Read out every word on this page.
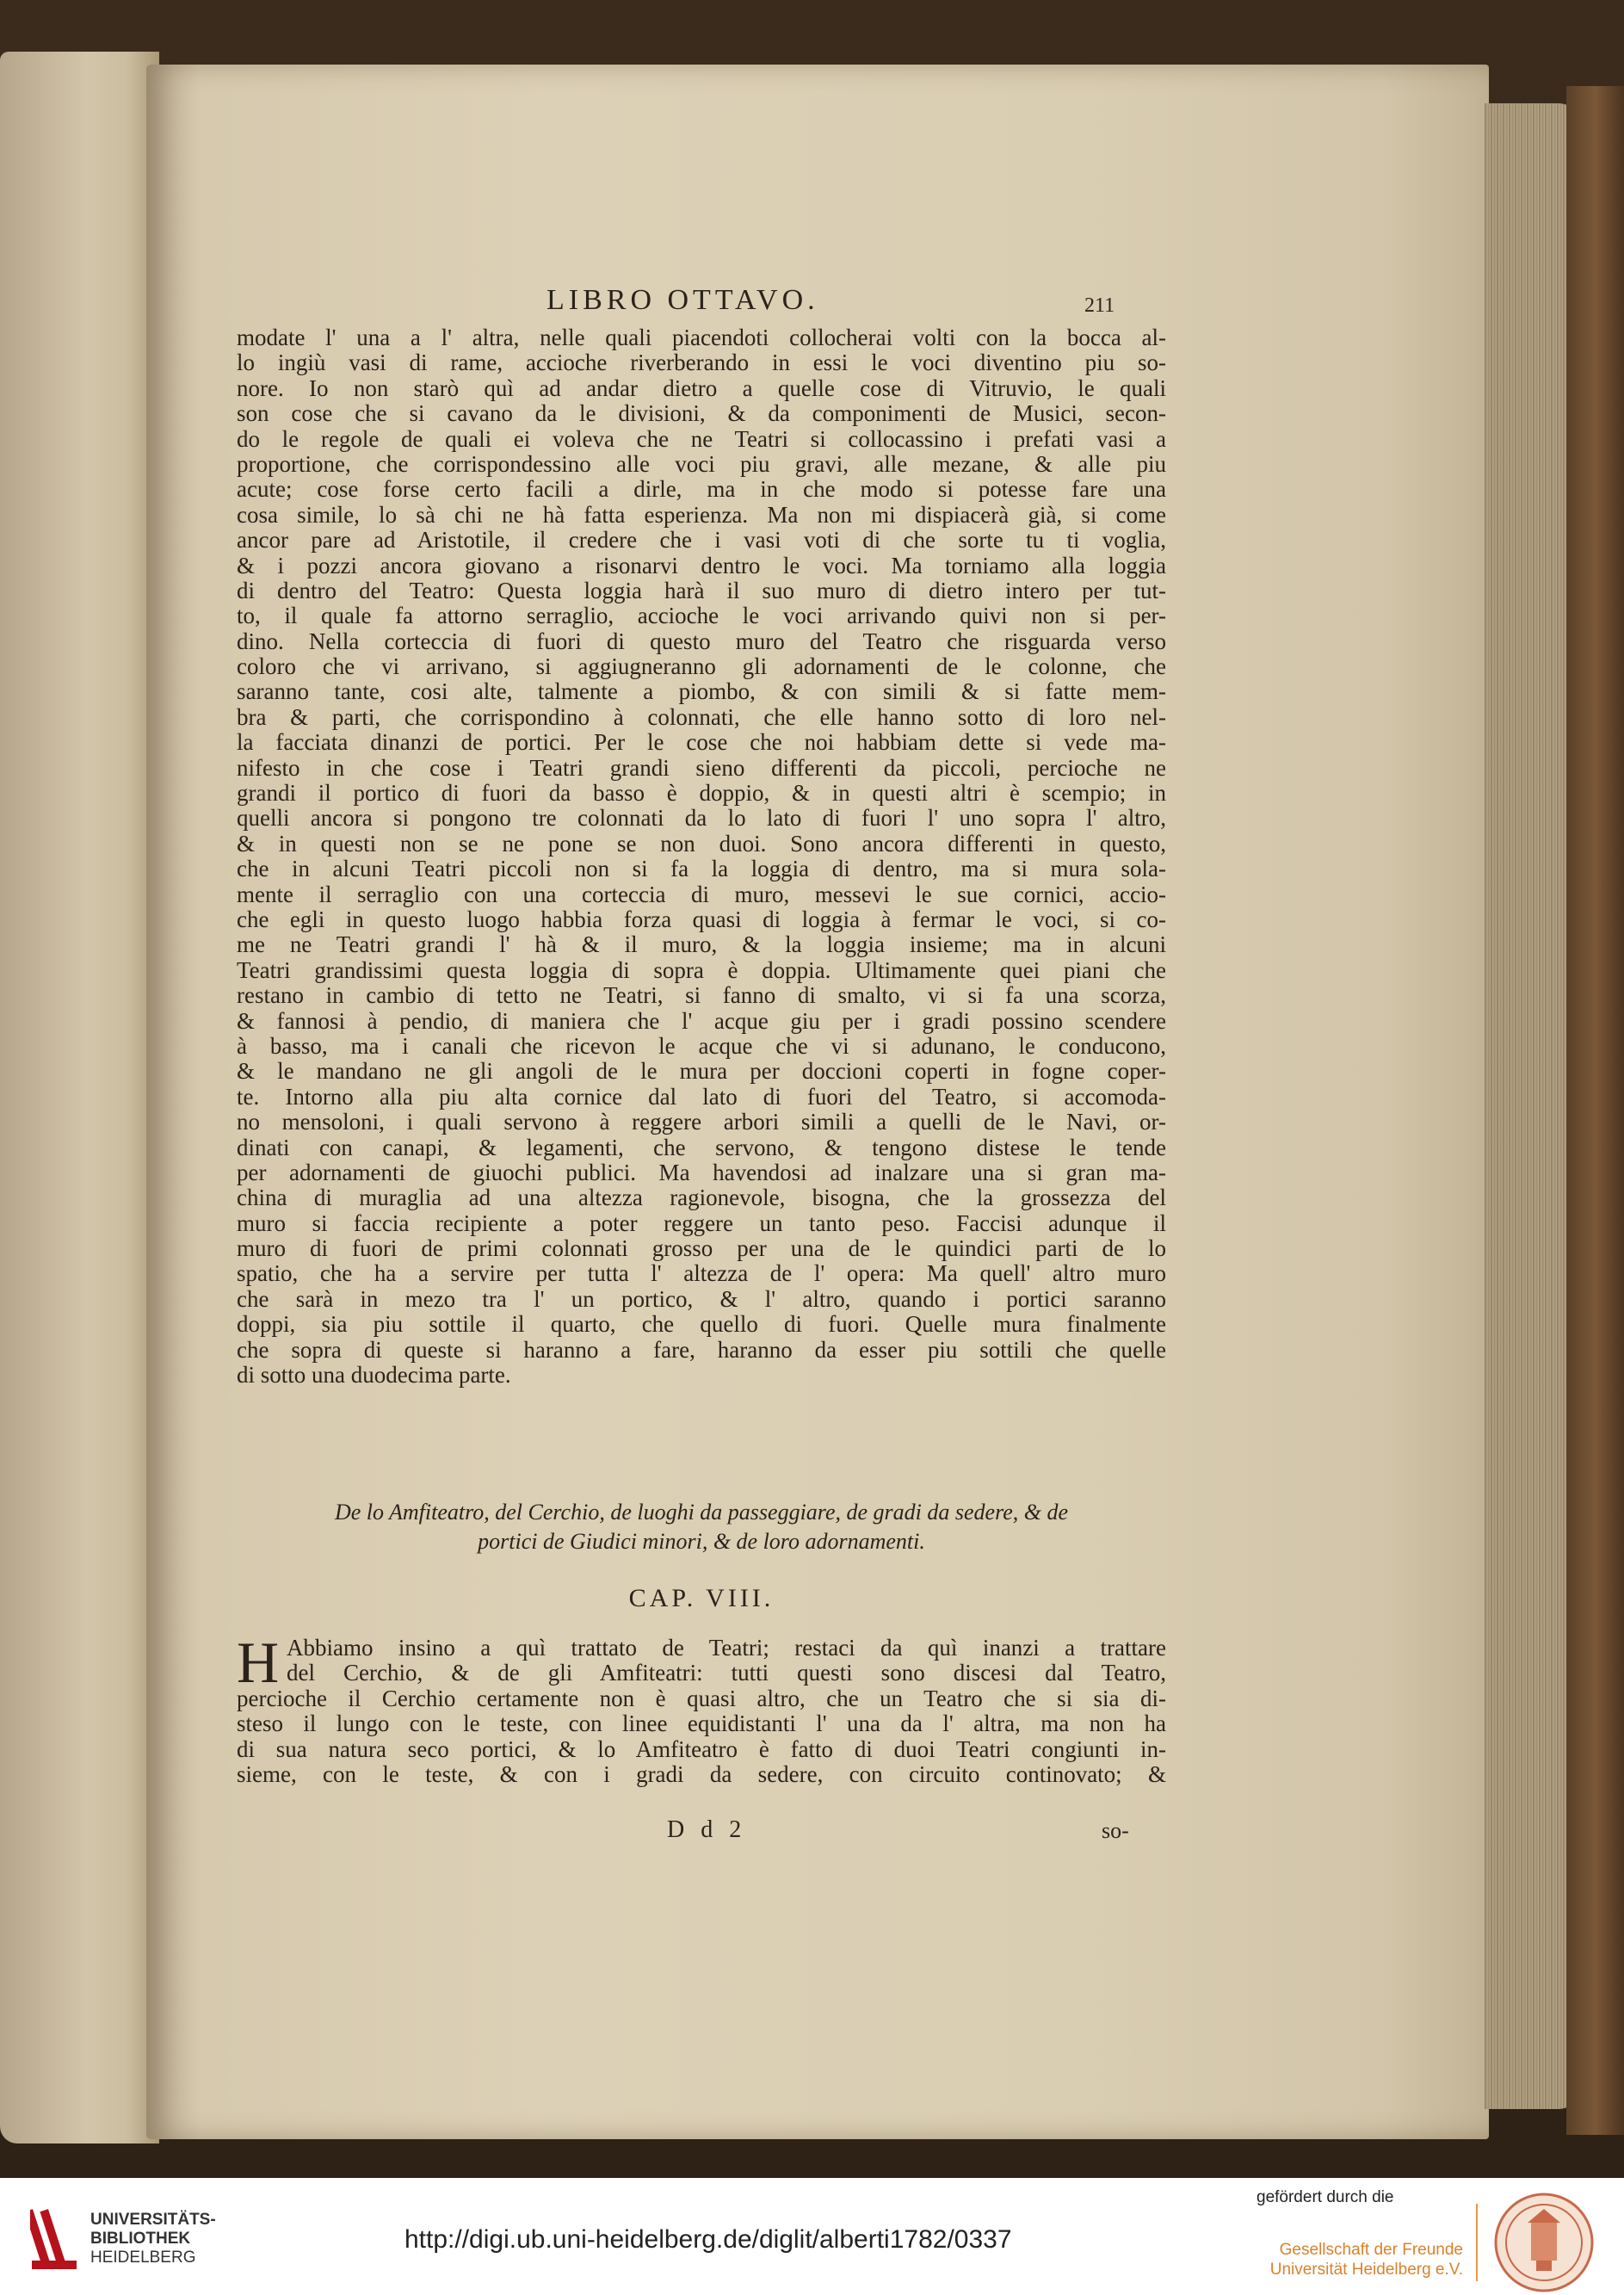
LIBRO OTTAVO.	211
modate l' una a l' altra, nelle quali piacendoti collocherai volti con la bocca al-
lo ingiù vasi di rame, accioche riverberando in essi le voci diventino piu so-
nore. Io non starò quì ad andar dietro a quelle cose di Vitruvio, le quali
son cose che si cavano da le divisioni, & da componimenti de Musici, secon-
do le regole de quali ei voleva che ne Teatri si collocassino i prefati vasi a
proportione, che corrispondessino alle voci piu gravi, alle mezane, & alle piu
acute; cose forse certo facili a dirle, ma in che modo si potesse fare una
cosa simile, lo sà chi ne hà fatta esperienza. Ma non mi dispiacerà già, si come
ancor pare ad Aristotile, il credere che i vasi voti di che sorte tu ti voglia,
& i pozzi ancora giovano a risonarvi dentro le voci. Ma torniamo alla loggia
di dentro del Teatro: Questa loggia harà il suo muro di dietro intero per tut-
to, il quale fa attorno serraglio, accioche le voci arrivando quivi non si per-
dino. Nella corteccia di fuori di questo muro del Teatro che risguarda verso
coloro che vi arrivano, si aggiugneranno gli adornamenti de le colonne, che
saranno tante, cosi alte, talmente a piombo, & con simili & si fatte mem-
bra & parti, che corrispondino à colonnati, che elle hanno sotto di loro nel-
la facciata dinanzi de portici. Per le cose che noi habbiam dette si vede ma-
nifesto in che cose i Teatri grandi sieno differenti da piccoli, percioche ne
grandi il portico di fuori da basso è doppio, & in questi altri è scempio; in
quelli ancora si pongono tre colonnati da lo lato di fuori l' uno sopra l' altro,
& in questi non se ne pone se non duoi. Sono ancora differenti in questo,
che in alcuni Teatri piccoli non si fa la loggia di dentro, ma si mura sola-
mente il serraglio con una corteccia di muro, messevi le sue cornici, accio-
che egli in questo luogo habbia forza quasi di loggia à fermar le voci, si co-
me ne Teatri grandi l' hà & il muro, & la loggia insieme; ma in alcuni
Teatri grandissimi questa loggia di sopra è doppia. Ultimamente quei piani che
restano in cambio di tetto ne Teatri, si fanno di smalto, vi si fa una scorza,
& fannosi à pendio, di maniera che l' acque giu per i gradi possino scendere
à basso, ma i canali che ricevon le acque che vi si adunano, le conducono,
& le mandano ne gli angoli de le mura per doccioni coperti in fogne coper-
te. Intorno alla piu alta cornice dal lato di fuori del Teatro, si accomoda-
no mensoloni, i quali servono à reggere arbori simili a quelli de le Navi, or-
dinati con canapi, & legamenti, che servono, & tengono distese le tende
per adornamenti de giuochi publici. Ma havendosi ad inalzare una si gran ma-
china di muraglia ad una altezza ragionevole, bisogna, che la grossezza del
muro si faccia recipiente a poter reggere un tanto peso. Faccisi adunque il
muro di fuori de primi colonnati grosso per una de le quindici parti de lo
spatio, che ha a servire per tutta l' altezza de l' opera: Ma quell' altro muro
che sarà in mezo tra l' un portico, & l' altro, quando i portici saranno
doppi, sia piu sottile il quarto, che quello di fuori. Quelle mura finalmente
che sopra di queste si haranno a fare, haranno da esser piu sottili che quelle
di sotto una duodecima parte.
De lo Amfiteatro, del Cerchio, de luoghi da passeggiare, de gradi da sedere, & de
portici de Giudici minori, & de loro adornamenti.
CAP. VIII.
H Abbiamo insino a quì trattato de Teatri; restaci da quì inanzi a trattare
del Cerchio, & de gli Amfiteatri: tutti questi sono discesi dal Teatro,
percioche il Cerchio certamente non è quasi altro, che un Teatro che si sia di-
steso il lungo con le teste, con linee equidistanti l' una da l' altra, ma non ha
di sua natura seco portici, & lo Amfiteatro è fatto di duoi Teatri congiunti in-
sieme, con le teste, & con i gradi da sedere, con circuito continovato; &
D d 2	so-
UNIVERSITÄTS-
BIBLIOTHEK
HEIDELBERG
http://digi.ub.uni-heidelberg.de/diglit/alberti1782/0337
gefördert durch die
Gesellschaft der Freunde
Universität Heidelberg e.V.
